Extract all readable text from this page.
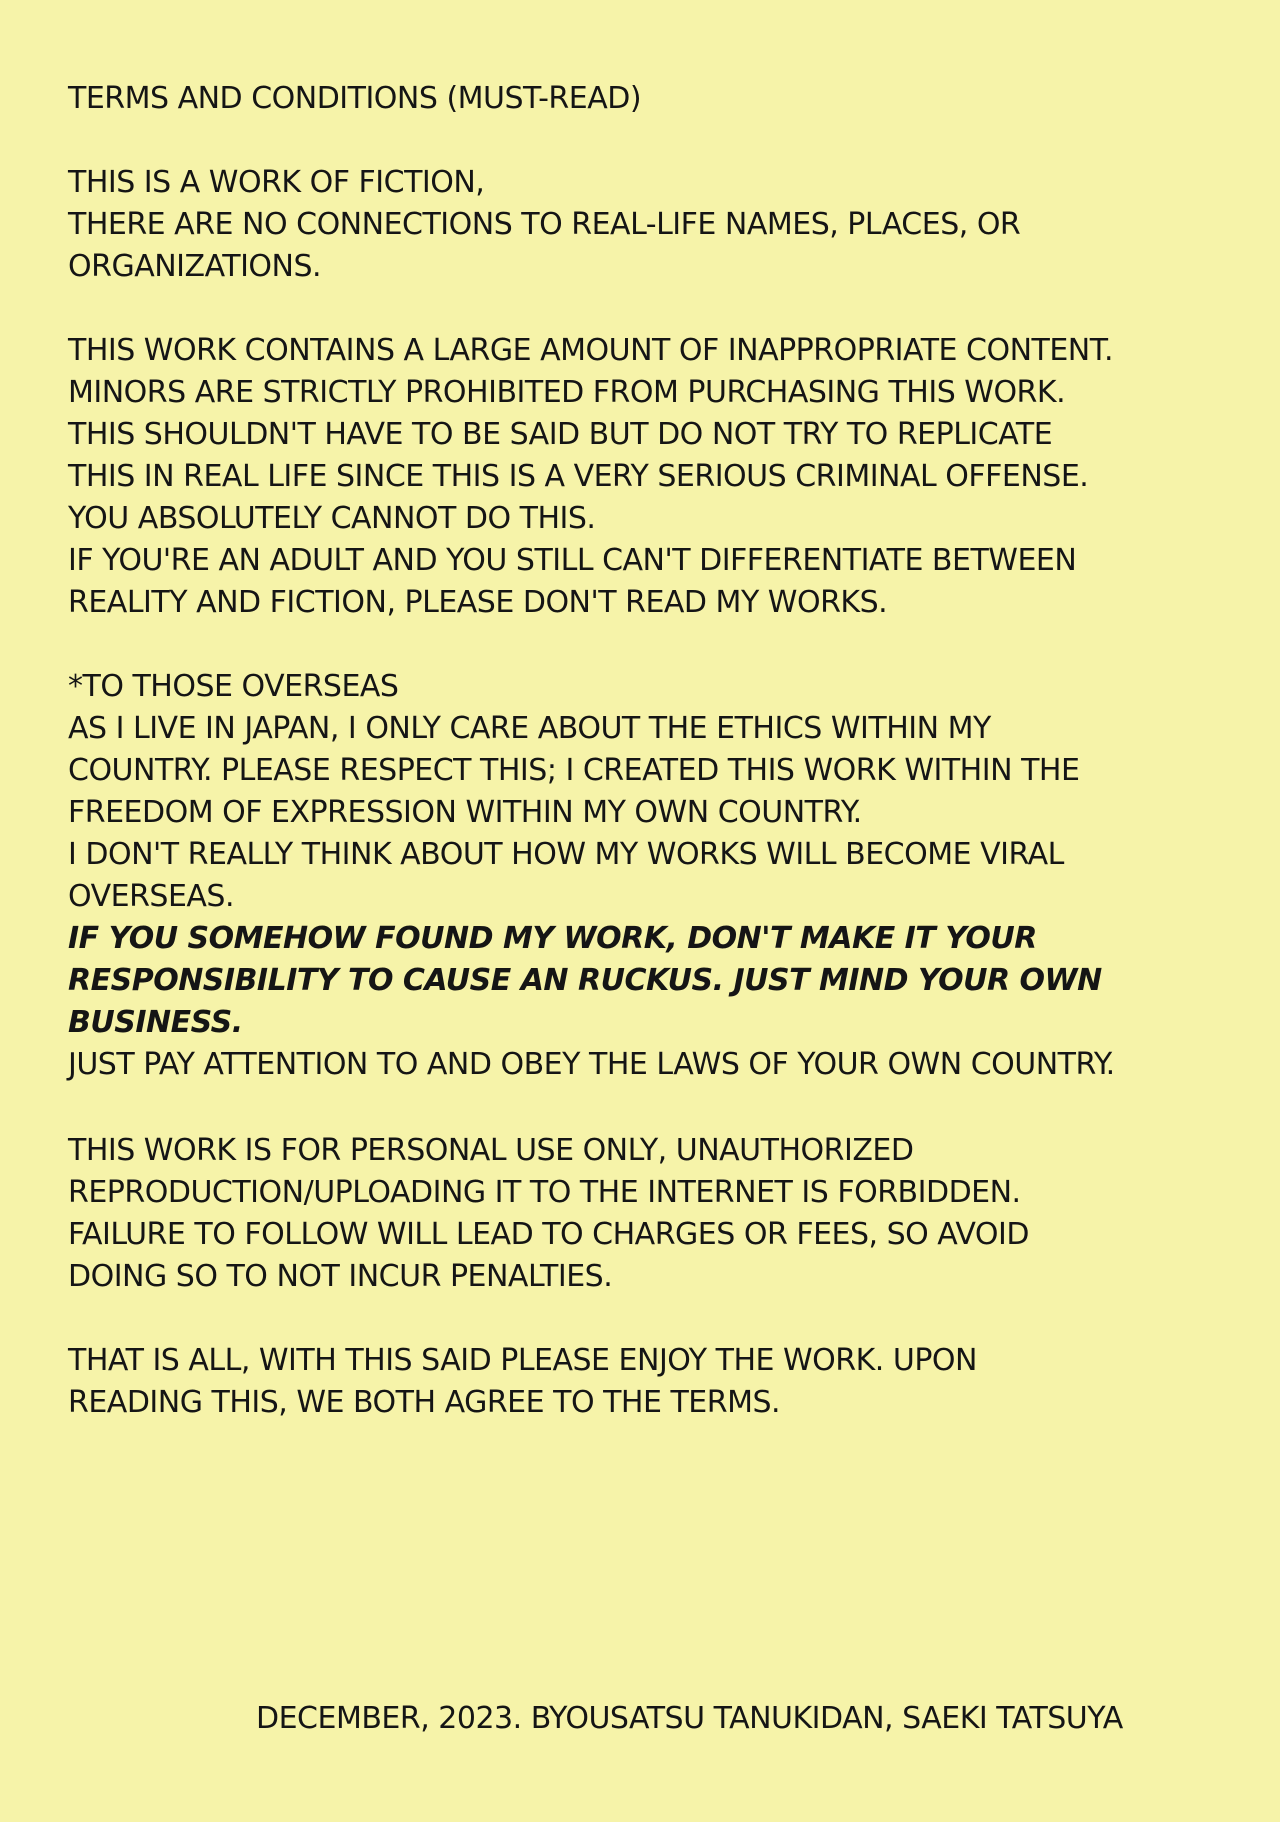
TERMS AND CONDITIONS (MUST-READ)

THIS IS A WORK OF FICTION,
THERE ARE NO CONNECTIONS TO REAL-LIFE NAMES, PLACES, OR
ORGANIZATIONS.

THIS WORK CONTAINS A LARGE AMOUNT OF INAPPROPRIATE CONTENT.
MINORS ARE STRICTLY PROHIBITED FROM PURCHASING THIS WORK.
THIS SHOULDN'T HAVE TO BE SAID BUT DO NOT TRY TO REPLICATE
THIS IN REAL LIFE SINCE THIS IS A VERY SERIOUS CRIMINAL OFFENSE.
YOU ABSOLUTELY CANNOT DO THIS.
IF YOU'RE AN ADULT AND YOU STILL CAN'T DIFFERENTIATE BETWEEN
REALITY AND FICTION, PLEASE DON'T READ MY WORKS.

*TO THOSE OVERSEAS
AS I LIVE IN JAPAN, I ONLY CARE ABOUT THE ETHICS WITHIN MY
COUNTRY. PLEASE RESPECT THIS; I CREATED THIS WORK WITHIN THE
FREEDOM OF EXPRESSION WITHIN MY OWN COUNTRY.
I DON'T REALLY THINK ABOUT HOW MY WORKS WILL BECOME VIRAL
OVERSEAS.
IF YOU SOMEHOW FOUND MY WORK, DON'T MAKE IT YOUR
RESPONSIBILITY TO CAUSE AN RUCKUS. JUST MIND YOUR OWN
BUSINESS.
JUST PAY ATTENTION TO AND OBEY THE LAWS OF YOUR OWN COUNTRY.

THIS WORK IS FOR PERSONAL USE ONLY, UNAUTHORIZED
REPRODUCTION/UPLOADING IT TO THE INTERNET IS FORBIDDEN.
FAILURE TO FOLLOW WILL LEAD TO CHARGES OR FEES, SO AVOID
DOING SO TO NOT INCUR PENALTIES.

THAT IS ALL, WITH THIS SAID PLEASE ENJOY THE WORK. UPON
READING THIS, WE BOTH AGREE TO THE TERMS.

DECEMBER, 2023. BYOUSATSU TANUKIDAN, SAEKI TATSUYA
